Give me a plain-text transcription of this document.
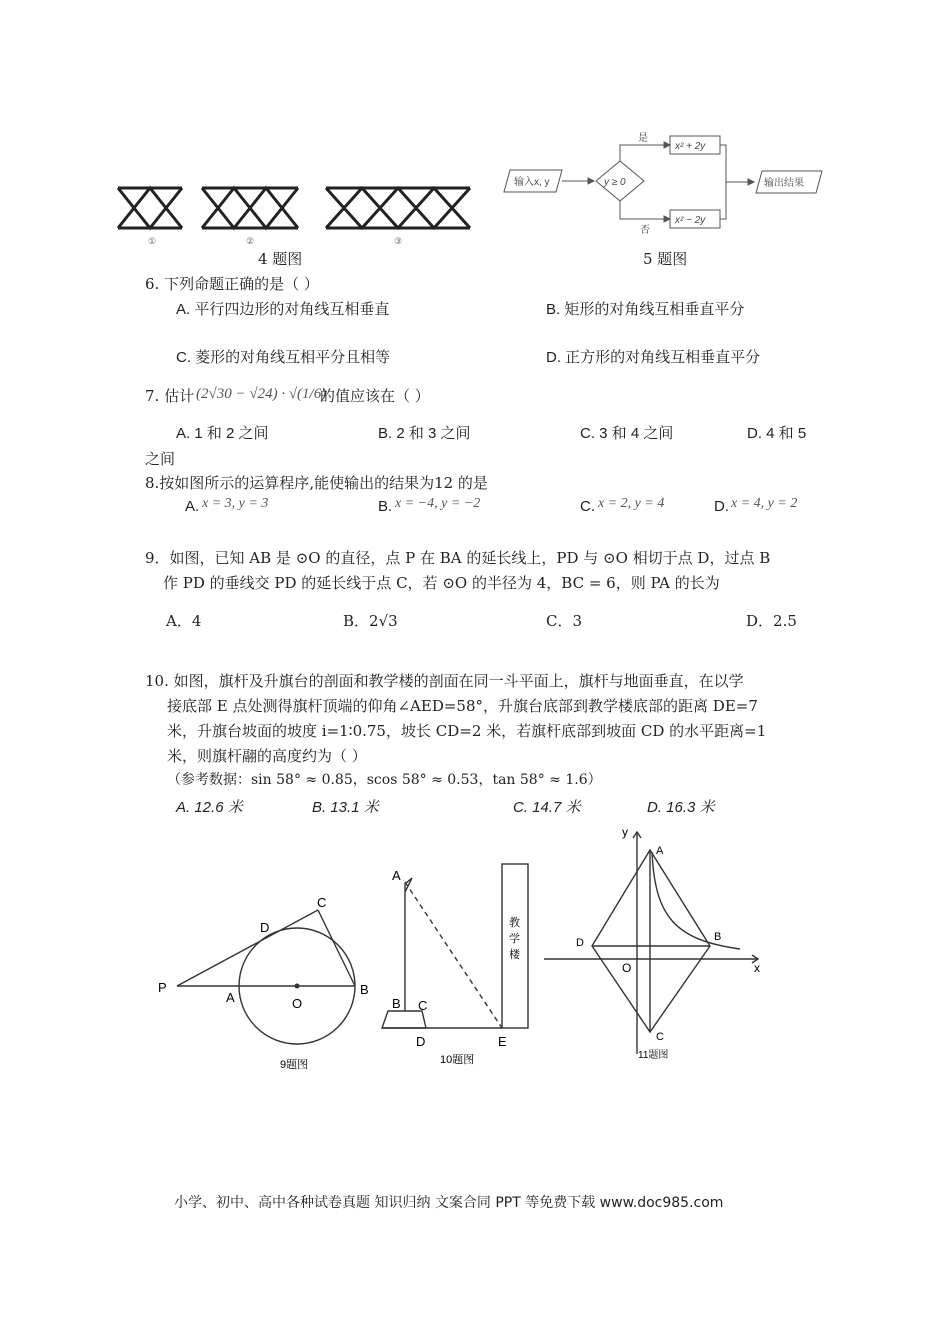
①	②	③
4 题图
输入x, y	y ≥ 0
是
否
x² + 2y
x² − 2y
输出结果
5 题图
6. 下列命题正确的是（ ）
A. 平行四边形的对角线互相垂直	B. 矩形的对角线互相垂直平分
C. 菱形的对角线互相平分且相等	D. 正方形的对角线互相垂直平分
7. 估计 (2√30 − √24) · √(1/6)
的值应该在（ ）
A. 1 和 2 之间	B. 2 和 3 之间	C. 3 和 4 之间	D. 4 和 5
之间
8.按如图所示的运算程序,能使输出的结果为12 的是
A. x = 3, y = 3	B. x = −4, y = −2	C. x = 2, y = 4	D. x = 4, y = 2
9．如图，已知 AB 是 ⊙O 的直径，点 P 在 BA 的延长线上，PD 与 ⊙O 相切于点 D，过点 B
作 PD 的垂线交 PD 的延长线于点 C，若 ⊙O 的半径为 4，BC = 6，则 PA 的长为
A．4	B．2√3	C．3	D．2.5
10. 如图，旗杆及升旗台的剖面和教学楼的剖面在同一斗平面上，旗杆与地面垂直，在以学
接底部 E 点处测得旗杆顶端的仰角∠AED=58°，升旗台底部到教学楼底部的距离 DE=7
米，升旗台坡面的坡度 i=1∶0.75，坡长 CD=2 米，若旗杆底部到坡面 CD 的水平距离=1
米，则旗杆翮的高度约为（ ）
（参考数据：sin 58° ≈ 0.85，scos 58° ≈ 0.53，tan 58° ≈ 1.6）
A. 12.6 米	B. 13.1 米	C. 14.7 米	D. 16.3 米
P
A	O
B
C
D
9题图
A
B C
D	E
教
学
楼
10题图
y
x
A
B
C
D
O
11题图
小学、初中、高中各种试卷真题 知识归纳 文案合同 PPT 等免费下载 www.doc985.com
